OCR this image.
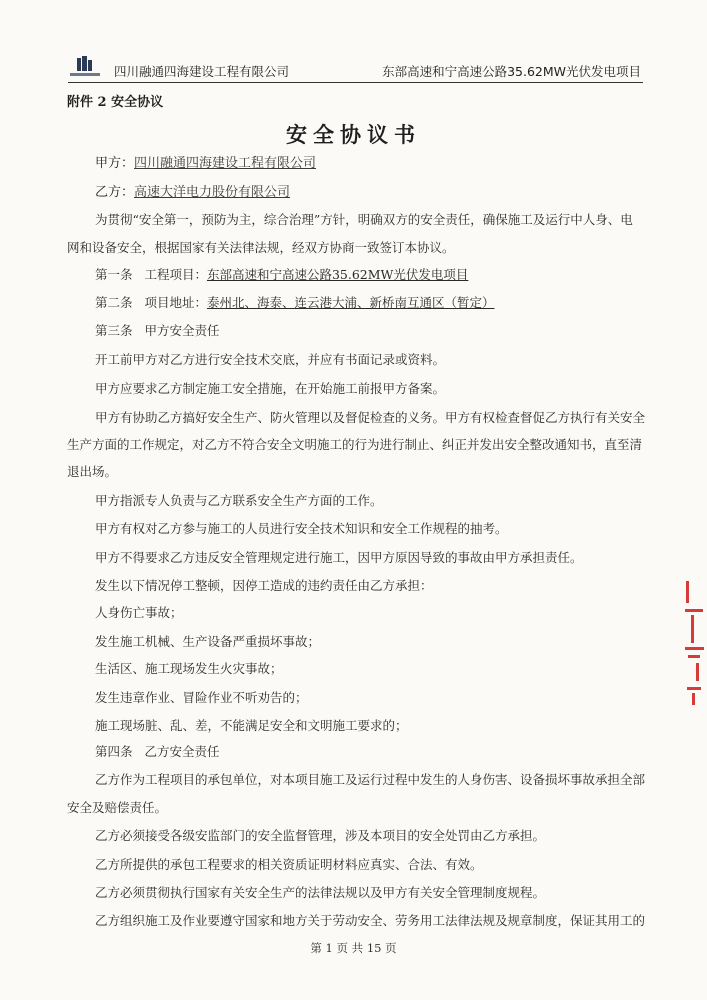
四川融通四海建设工程有限公司	东部高速和宁高速公路35.62MW光伏发电项目
附件 2 安全协议
安全协议书
甲方：四川融通四海建设工程有限公司
乙方：高速大洋电力股份有限公司
为贯彻“安全第一，预防为主，综合治理”方针，明确双方的安全责任，确保施工及运行中人身、电
网和设备安全，根据国家有关法律法规，经双方协商一致签订本协议。
第一条 工程项目：东部高速和宁高速公路35.62MW光伏发电项目
第二条 项目地址：泰州北、海泰、连云港大浦、新桥南互通区（暂定）
第三条 甲方安全责任
开工前甲方对乙方进行安全技术交底，并应有书面记录或资料。
甲方应要求乙方制定施工安全措施，在开始施工前报甲方备案。
甲方有协助乙方搞好安全生产、防火管理以及督促检查的义务。甲方有权检查督促乙方执行有关安全
生产方面的工作规定，对乙方不符合安全文明施工的行为进行制止、纠正并发出安全整改通知书，直至清
退出场。
甲方指派专人负责与乙方联系安全生产方面的工作。
甲方有权对乙方参与施工的人员进行安全技术知识和安全工作规程的抽考。
甲方不得要求乙方违反安全管理规定进行施工，因甲方原因导致的事故由甲方承担责任。
发生以下情况停工整顿，因停工造成的违约责任由乙方承担：
人身伤亡事故；
发生施工机械、生产设备严重损坏事故；
生活区、施工现场发生火灾事故；
发生违章作业、冒险作业不听劝告的；
施工现场脏、乱、差，不能满足安全和文明施工要求的；
第四条 乙方安全责任
乙方作为工程项目的承包单位，对本项目施工及运行过程中发生的人身伤害、设备损坏事故承担全部
安全及赔偿责任。
乙方必须接受各级安监部门的安全监督管理，涉及本项目的安全处罚由乙方承担。
乙方所提供的承包工程要求的相关资质证明材料应真实、合法、有效。
乙方必须贯彻执行国家有关安全生产的法律法规以及甲方有关安全管理制度规程。
乙方组织施工及作业要遵守国家和地方关于劳动安全、劳务用工法律法规及规章制度，保证其用工的
第 1 页 共 15 页
